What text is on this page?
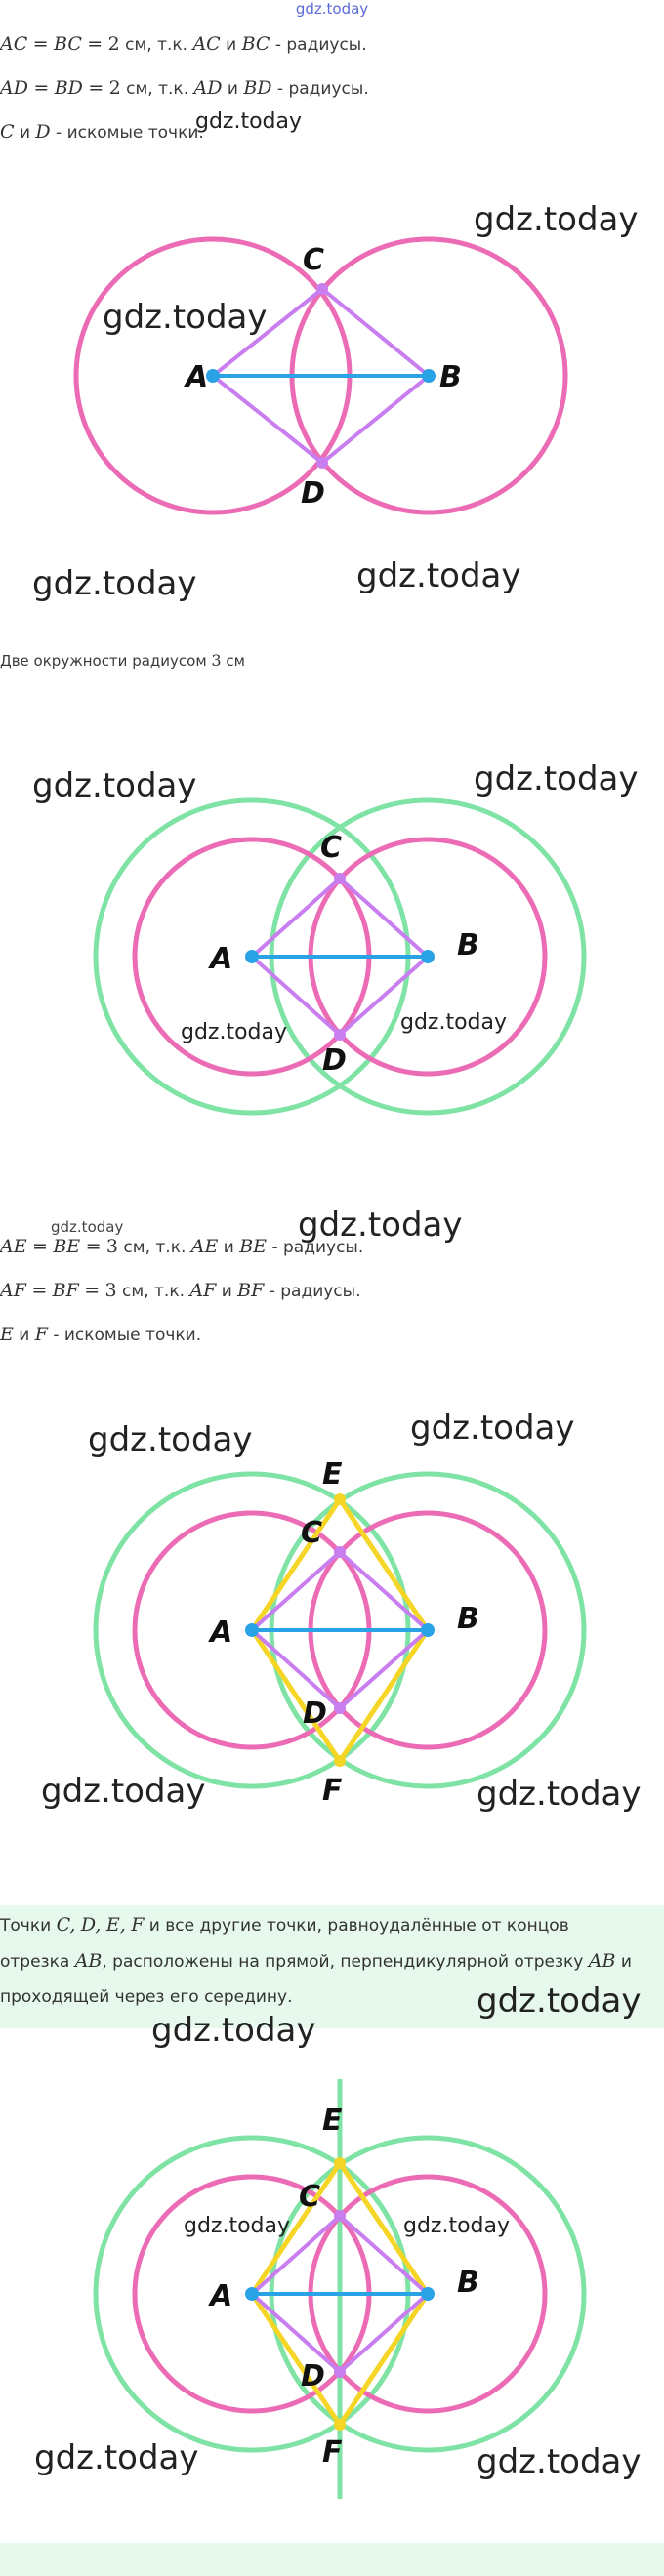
gdz.today
AC = BC = 2 см, т.к. AC и BC - радиусы.
AD = BD = 2 см, т.к. AD и BD - радиусы.
C и D - искомые точки.
A	B
C
D
Две окружности радиусом 3 см
A	B
C
D
AE = BE = 3 см, т.к. AE и BE - радиусы.
AF = BF = 3 см, т.к. AF и BF - радиусы.
E и F - искомые точки.
A	B
C
D
E
F
Точки C, D, E, F и все другие точки, равноудалённые от концов
отрезка AB, расположены на прямой, перпендикулярной отрезку AB и
проходящей через его середину.
A	B
C
D
E
F
gdz.today
gdz.today
gdz.today
gdz.today	gdz.today
gdz.today	gdz.today
gdz.today	gdz.today
gdz.today	gdz.today
gdz.today	gdz.today
gdz.today	gdz.today
gdz.today
gdz.today
gdz.today	gdz.today
gdz.today	gdz.today
